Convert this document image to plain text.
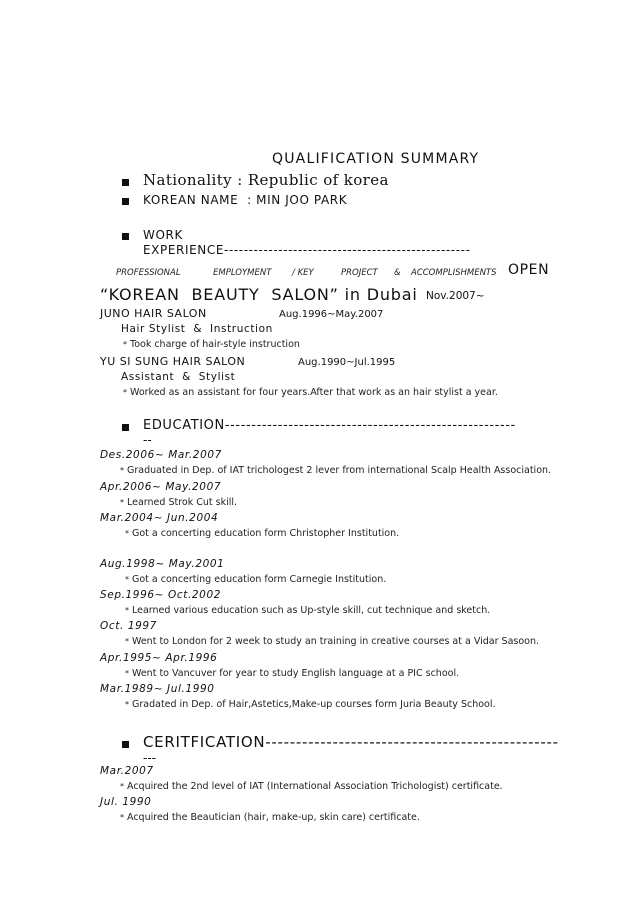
QUALIFICATION SUMMARY
Nationality : Republic of korea
KOREAN NAME  : MIN JOO PARK
WORK
EXPERIENCE--------------------------------------------------
PROFESSIONAL	EMPLOYMENT / KEY	PROJECT & ACCOMPLISHMENTS OPEN
“KOREAN  BEAUTY  SALON” in Dubai Nov.2007~
JUNO HAIR SALON	Aug.1996~May.2007
Hair Stylist  &  Instruction
* Took charge of hair-style instruction
YU SI SUNG HAIR SALON	Aug.1990~Jul.1995
Assistant  &  Stylist
* Worked as an assistant for four years.After that work as an hair stylist a year.
EDUCATION-------------------------------------------------------
--
Des.2006~ Mar.2007
* Graduated in Dep. of IAT trichologest 2 lever from international Scalp Health Association.
Apr.2006~ May.2007
* Learned Strok Cut skill.
Mar.2004~ Jun.2004
* Got a concerting education form Christopher Institution.
Aug.1998~ May.2001
* Got a concerting education form Carnegie Institution.
Sep.1996~ Oct.2002
* Learned various education such as Up-style skill, cut technique and sketch.
Oct. 1997
* Went to London for 2 week to study an training in creative courses at a Vidar Sasoon.
Apr.1995~ Apr.1996
* Went to Vancuver for year to study English language at a PIC school.
Mar.1989~ Jul.1990
* Gradated in Dep. of Hair,Astetics,Make-up courses form Juria Beauty School.
CERITFICATION------------------------------------------------
---
Mar.2007
* Acquired the 2nd level of IAT (International Association Trichologist) certificate.
Jul. 1990
* Acquired the Beautician (hair, make-up, skin care) certificate.
